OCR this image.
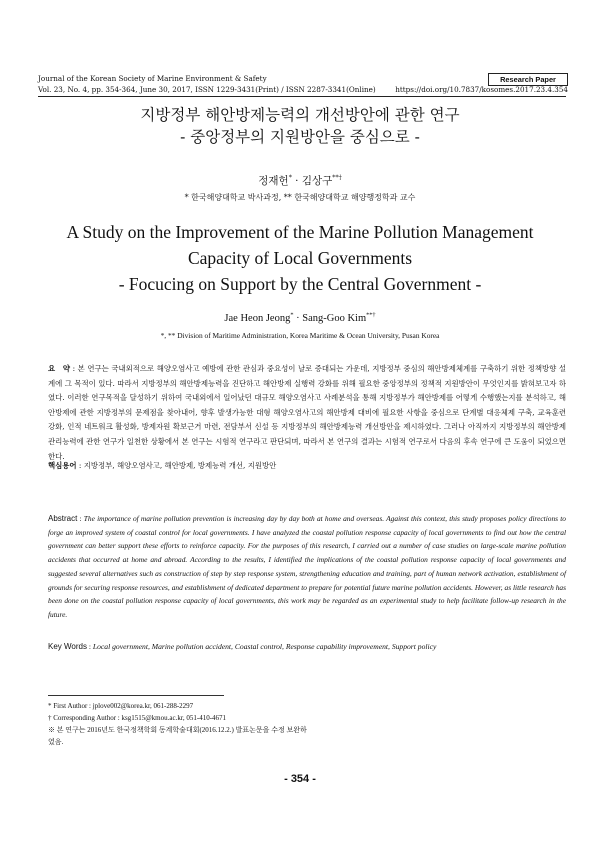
Journal of the Korean Society of Marine Environment & Safety
Vol. 23, No. 4, pp. 354-364, June 30, 2017, ISSN 1229-3431(Print) / ISSN 2287-3341(Online)	https://doi.org/10.7837/kosomes.2017.23.4.354
Research Paper
지방정부 해안방제능력의 개선방안에 관한 연구
- 중앙정부의 지원방안을 중심으로 -
정재헌* · 김상구**†
* 한국해양대학교 박사과정, ** 한국해양대학교 해양행정학과 교수
A Study on the Improvement of the Marine Pollution Management
Capacity of Local Governments
- Focucing on Support by the Central Government -
Jae Heon Jeong* · Sang-Goo Kim**†
*, ** Division of Maritime Administration, Korea Maritime & Ocean University, Pusan Korea
요　약 : 본 연구는 국내외적으로 해양오염사고 예방에 관한 관심과 중요성이 날로 증대되는 가운데, 지방정부 중심의 해안방제체계를 구축하기 위한 정책방향 설계에 그 목적이 있다. 따라서 지방정부의 해안방제능력을 진단하고 해안방제 실행력 강화를 위해 필요한 중앙정부의 정책적 지원방안이 무엇인지를 밝혀보고자 하였다. 이러한 연구목적을 달성하기 위하여 국내외에서 일어났던 대규모 해양오염사고 사례분석을 통해 지방정부가 해안방제를 어떻게 수행했는지를 분석하고, 해안방제에 관한 지방정부의 문제점을 찾아내어, 향후 발생가능한 대형 해양오염사고의 해안방제 대비에 필요한 사항을 중심으로 단계별 대응체제 구축, 교육훈련 강화, 인적 네트워크 활성화, 방제자원 확보근거 마련, 전담부서 신설 등 지방정부의 해안방제능력 개선방안을 제시하였다. 그러나 아직까지 지방정부의 해안방제관리능력에 관한 연구가 일천한 상황에서 본 연구는 시험적 연구라고 판단되며, 따라서 본 연구의 결과는 시험적 연구로서 다음의 후속 연구에 큰 도움이 되었으면 한다.
핵심용어 : 지방정부, 해양오염사고, 해안방제, 방제능력 개선, 지원방안
Abstract : The importance of marine pollution prevention is increasing day by day both at home and overseas. Against this context, this study proposes policy directions to forge an improved system of coastal control for local governments. I have analyzed the coastal pollution response capacity of local governments to find out how the central government can better support these efforts to reinforce capacity. For the purposes of this research, I carried out a number of case studies on large-scale marine pollution accidents that occurred at home and abroad. According to the results, I identified the implications of the coastal pollution response capacity of local governments and suggested several alternatives such as construction of step by step response system, strengthening education and training, part of human network activation, establishment of grounds for securing response resources, and establishment of dedicated department to prepare for potential future marine pollution accidents. However, as little research has been done on the coastal pollution response capacity of local governments, this work may be regarded as an experimental study to help facilitate follow-up research in the future.
Key Words : Local government, Marine pollution accident, Coastal control, Response capability improvement, Support policy
* First Author : jplove002@korea.kr, 061-288-2297
† Corresponding Author : ksg1515@kmou.ac.kr, 051-410-4671
※ 본 연구는 2016년도 한국정책학회 동계학술대회(2016.12.2.) 발표논문을 수정 보완하였음.
- 354 -
